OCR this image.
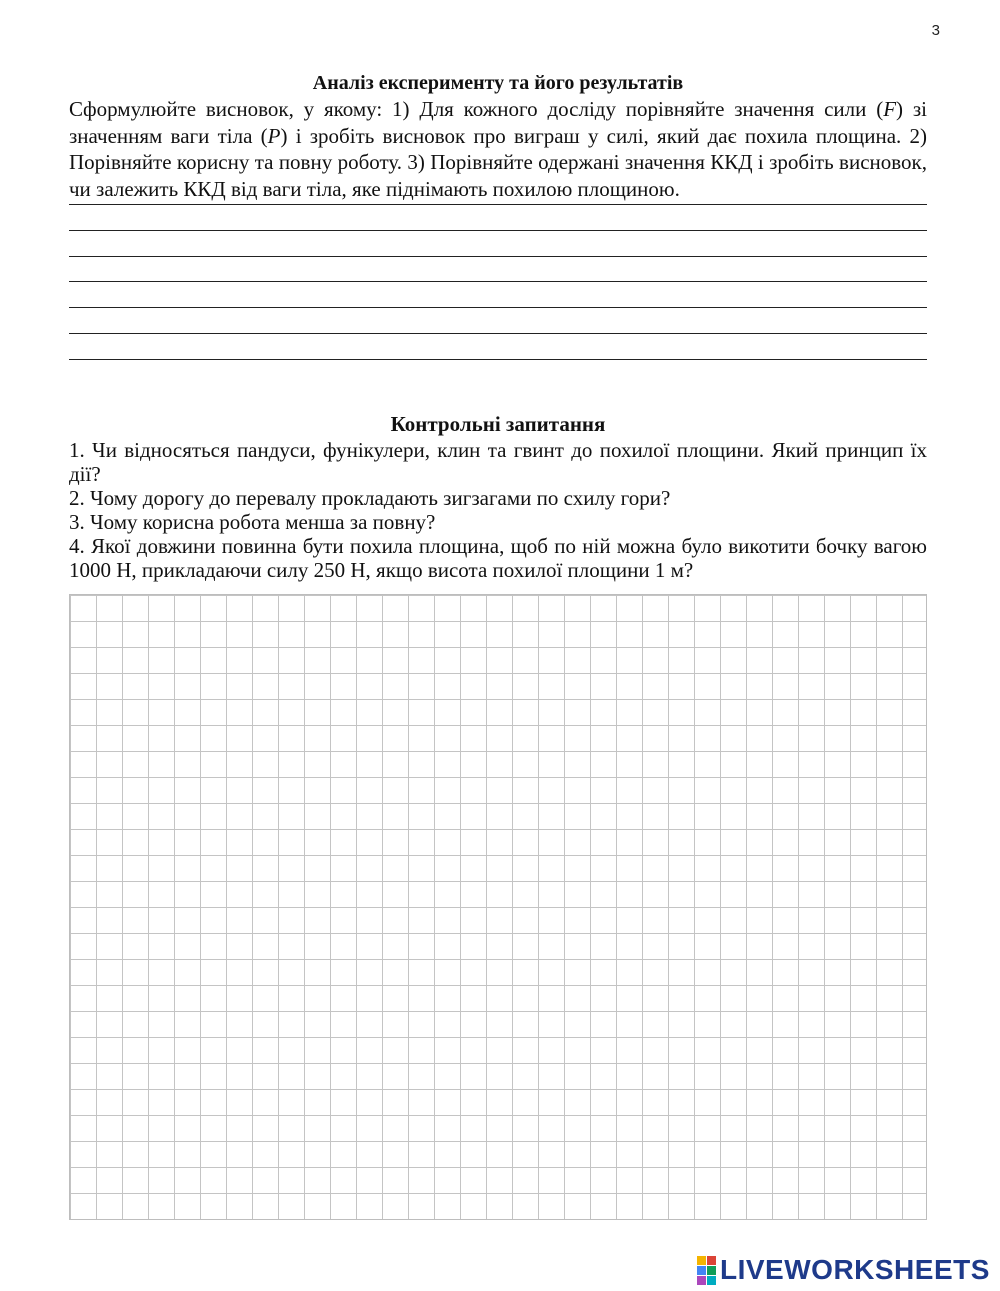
3

Аналіз експерименту та його результатів

Сформулюйте висновок, у якому: 1) Для кожного досліду порівняйте значення сили (F) зі значенням ваги тіла (P) і зробіть висновок про виграш у силі, який дає похила площина. 2) Порівняйте корисну та повну роботу. 3) Порівняйте одержані значення ККД і зробіть висновок, чи залежить ККД від ваги тіла, яке піднімають похилою площиною.

Контрольні запитання

1. Чи відносяться пандуси, фунікулери, клин та гвинт до похилої площини. Який принцип їх дії?

2. Чому дорогу до перевалу прокладають зигзагами по схилу гори?

3. Чому корисна робота менша за повну?

4. Якої довжини повинна бути похила площина, щоб по ній можна було викотити бочку вагою 1000 Н, прикладаючи силу 250 Н, якщо висота похилої площини 1 м?

LIVEWORKSHEETS
